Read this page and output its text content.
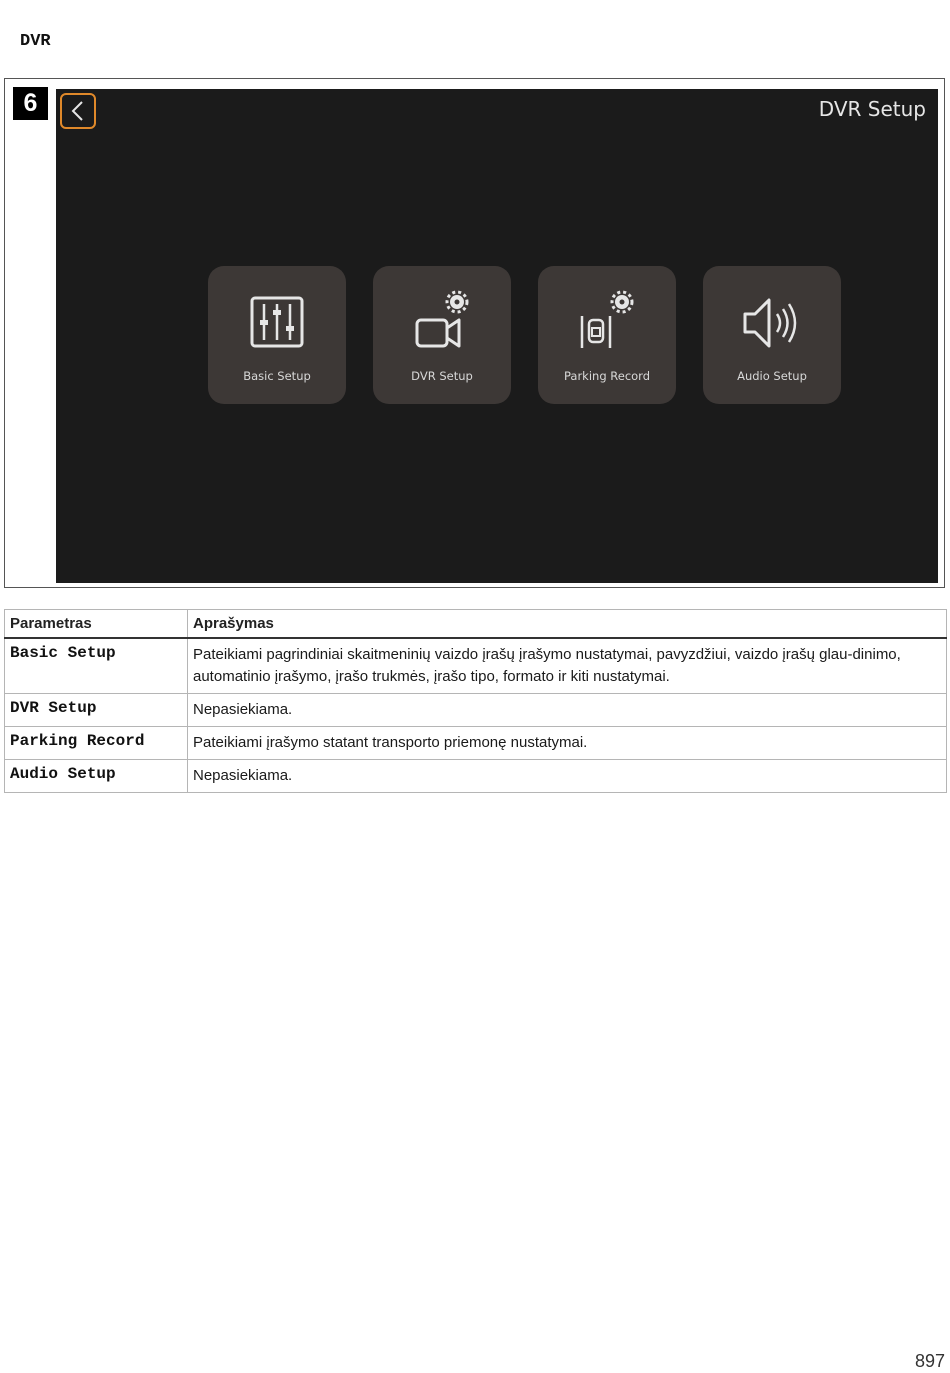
DVR
6	DVR Setup
Basic Setup	DVR Setup	Parking Record	Audio Setup
Parametras	Aprašymas
Basic Setup	Pateikiami pagrindiniai skaitmeninių vaizdo įrašų įrašymo nustatymai, pavyzdžiui, vaizdo įrašų glau-dinimo, automatinio įrašymo, įrašo trukmės, įrašo tipo, formato ir kiti nustatymai.
DVR Setup	Nepasiekiama.
Parking Record	Pateikiami įrašymo statant transporto priemonę nustatymai.
Audio Setup	Nepasiekiama.
897
